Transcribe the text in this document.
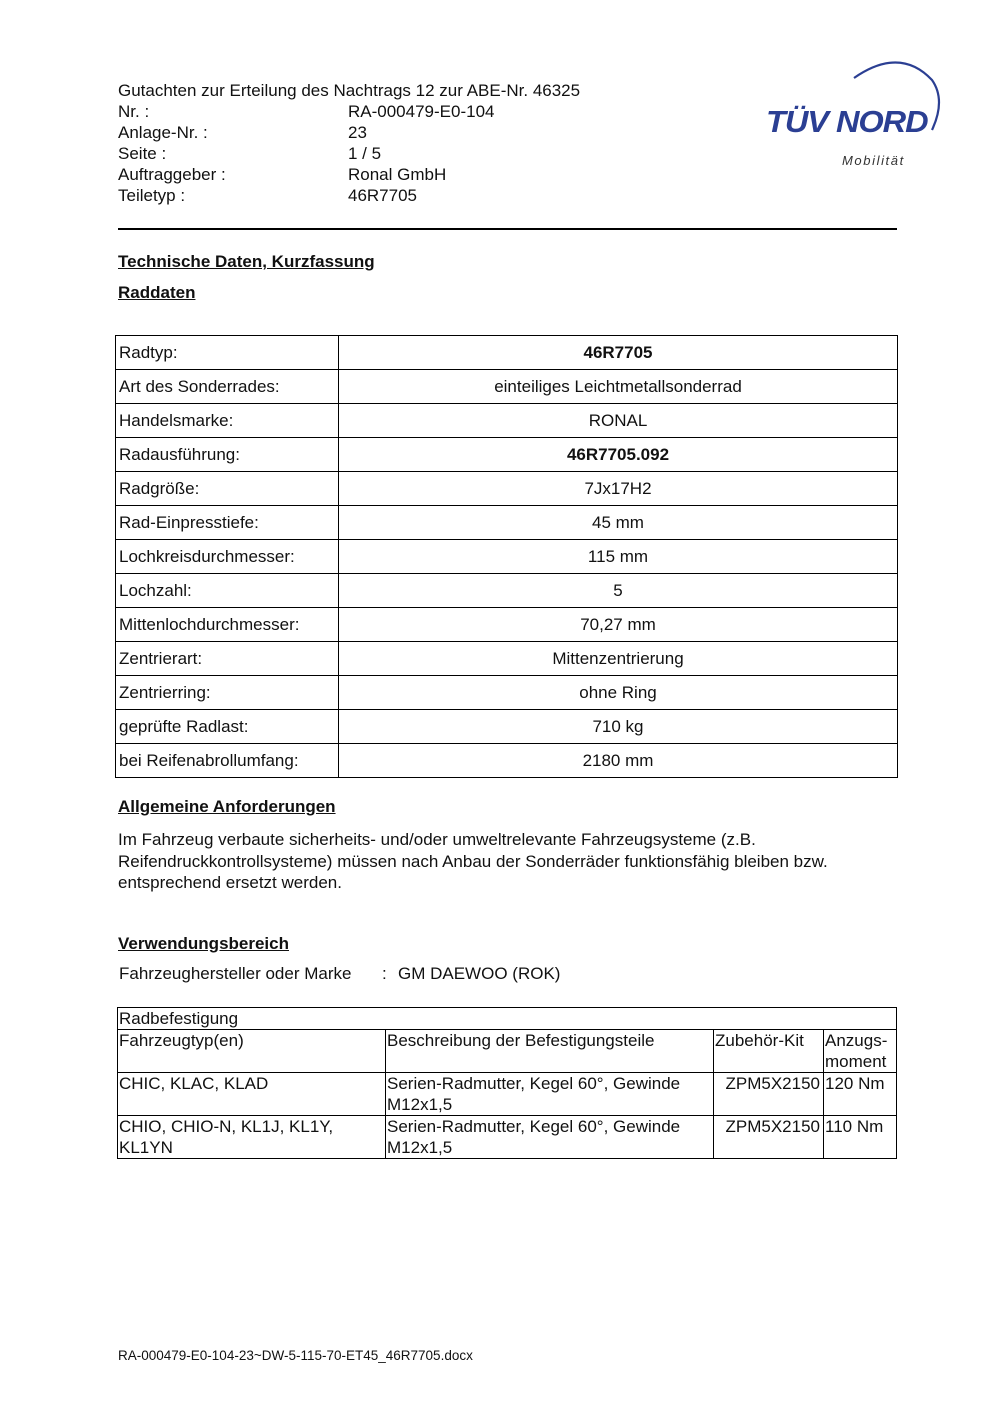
Gutachten zur Erteilung des Nachtrags 12 zur ABE-Nr. 46325
Nr. :	RA-000479-E0-104
Anlage-Nr. :	23
Seite :	1 / 5
Auftraggeber :	Ronal GmbH
Teiletyp :	46R7705
TÜV NORD
Mobilität
Technische Daten, Kurzfassung
Raddaten
Radtyp:	46R7705
Art des Sonderrades:	einteiliges Leichtmetallsonderrad
Handelsmarke:	RONAL
Radausführung:	46R7705.092
Radgröße:	7Jx17H2
Rad-Einpresstiefe:	45 mm
Lochkreisdurchmesser:	115 mm
Lochzahl:	5
Mittenlochdurchmesser:	70,27 mm
Zentrierart:	Mittenzentrierung
Zentrierring:	ohne Ring
geprüfte Radlast:	710 kg
bei Reifenabrollumfang:	2180 mm
Allgemeine Anforderungen
Im Fahrzeug verbaute sicherheits- und/oder umweltrelevante Fahrzeugsysteme (z.B. Reifendruckkontrollsysteme) müssen nach Anbau der Sonderräder funktionsfähig bleiben bzw. entsprechend ersetzt werden.
Verwendungsbereich
Fahrzeughersteller oder Marke	: GM DAEWOO (ROK)
Radbefestigung			
Fahrzeugtyp(en)	Beschreibung der Befestigungsteile	Zubehör-Kit	Anzugs-moment
CHIC, KLAC, KLAD	Serien-Radmutter, Kegel 60°, Gewinde M12x1,5	ZPM5X2150	120 Nm
CHIO, CHIO-N, KL1J, KL1Y, KL1YN	Serien-Radmutter, Kegel 60°, Gewinde M12x1,5	ZPM5X2150	110 Nm
RA-000479-E0-104-23~DW-5-115-70-ET45_46R7705.docx
